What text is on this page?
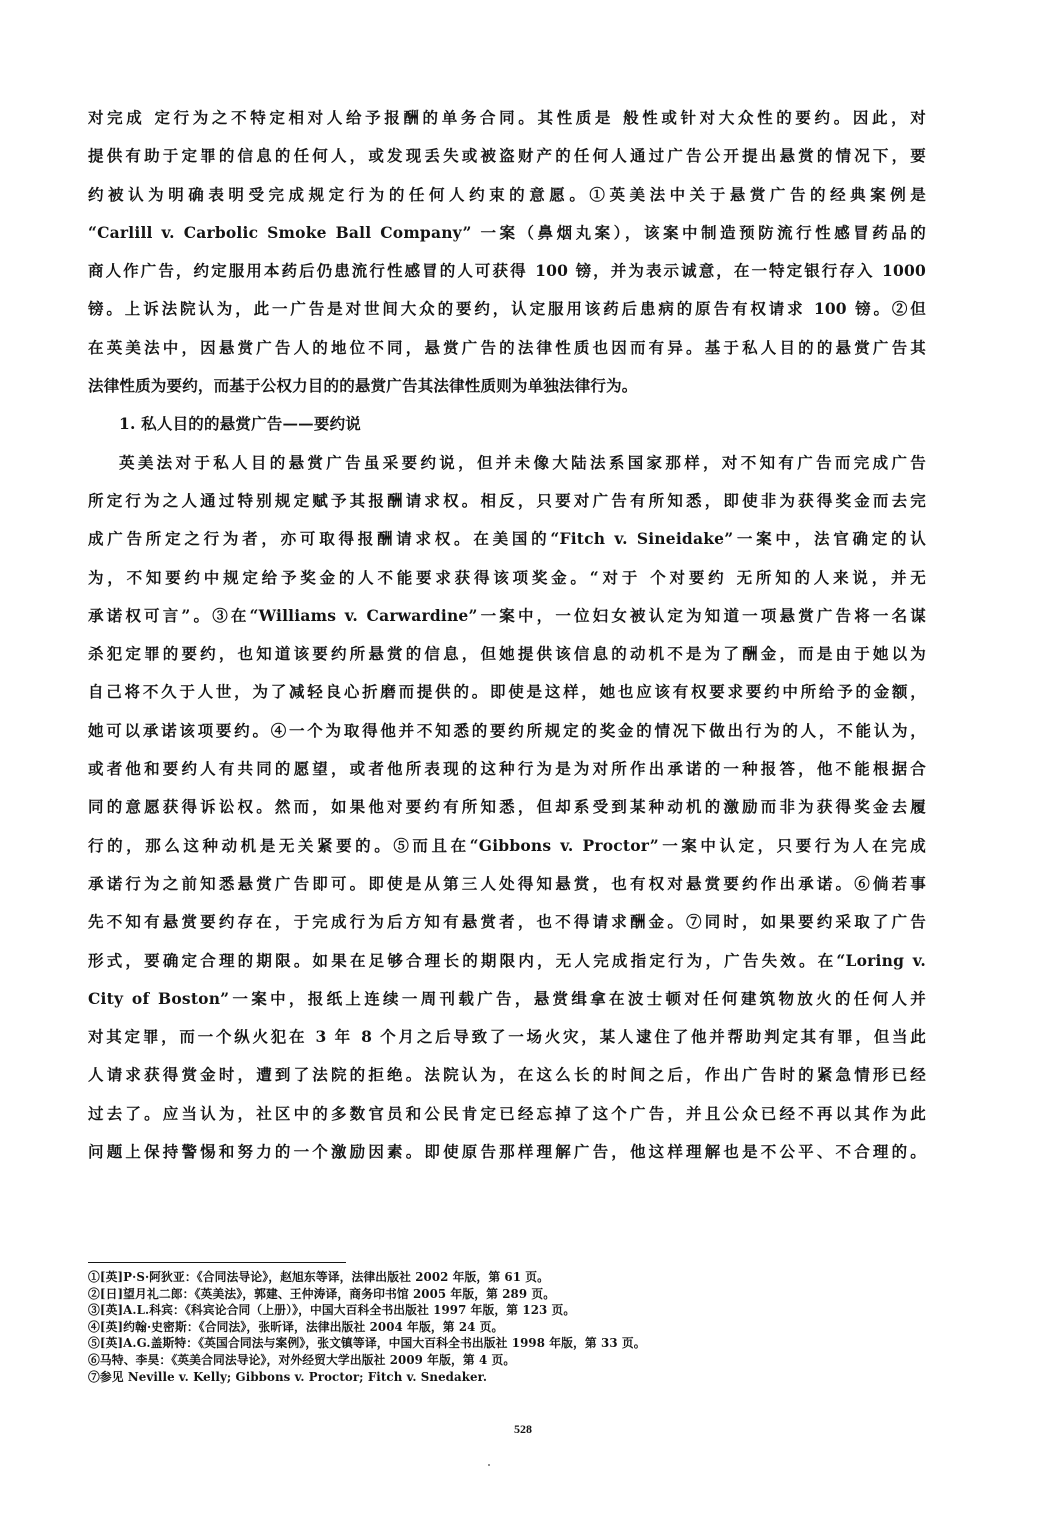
对完成 定行为之不特定相对人给予报酬的单务合同。其性质是 般性或针对大众性的要约。因此，对
提供有助于定罪的信息的任何人，或发现丢失或被盗财产的任何人通过广告公开提出悬赏的情况下，要
约被认为明确表明受完成规定行为的任何人约束的意愿。①英美法中关于悬赏广告的经典案例是
“Carlill v. Carbolic Smoke Ball Company” 一案（鼻烟丸案），该案中制造预防流行性感冒药品的
商人作广告，约定服用本药后仍患流行性感冒的人可获得 100 镑，并为表示诚意，在一特定银行存入 1000
镑。上诉法院认为，此一广告是对世间大众的要约，认定服用该药后患病的原告有权请求 100 镑。②但
在英美法中，因悬赏广告人的地位不同，悬赏广告的法律性质也因而有异。基于私人目的的悬赏广告其
法律性质为要约，而基于公权力目的的悬赏广告其法律性质则为单独法律行为。
1. 私人目的的悬赏广告——要约说
英美法对于私人目的悬赏广告虽采要约说，但并未像大陆法系国家那样，对不知有广告而完成广告
所定行为之人通过特别规定赋予其报酬请求权。相反，只要对广告有所知悉，即使非为获得奖金而去完
成广告所定之行为者，亦可取得报酬请求权。在美国的“Fitch v. Sineidake”一案中，法官确定的认
为，不知要约中规定给予奖金的人不能要求获得该项奖金。“对于 个对要约 无所知的人来说，并无
承诺权可言”。③在“Williams v. Carwardine”一案中，一位妇女被认定为知道一项悬赏广告将一名谋
杀犯定罪的要约，也知道该要约所悬赏的信息，但她提供该信息的动机不是为了酬金，而是由于她以为
自己将不久于人世，为了减轻良心折磨而提供的。即使是这样，她也应该有权要求要约中所给予的金额，
她可以承诺该项要约。④一个为取得他并不知悉的要约所规定的奖金的情况下做出行为的人，不能认为，
或者他和要约人有共同的愿望，或者他所表现的这种行为是为对所作出承诺的一种报答，他不能根据合
同的意愿获得诉讼权。然而，如果他对要约有所知悉，但却系受到某种动机的激励而非为获得奖金去履
行的，那么这种动机是无关紧要的。⑤而且在“Gibbons v. Proctor”一案中认定，只要行为人在完成
承诺行为之前知悉悬赏广告即可。即使是从第三人处得知悬赏，也有权对悬赏要约作出承诺。⑥倘若事
先不知有悬赏要约存在，于完成行为后方知有悬赏者，也不得请求酬金。⑦同时，如果要约采取了广告
形式，要确定合理的期限。如果在足够合理长的期限内，无人完成指定行为，广告失效。在“Loring v.
City of Boston”一案中，报纸上连续一周刊载广告，悬赏缉拿在波士顿对任何建筑物放火的任何人并
对其定罪，而一个纵火犯在 3 年 8 个月之后导致了一场火灾，某人逮住了他并帮助判定其有罪，但当此
人请求获得赏金时，遭到了法院的拒绝。法院认为，在这么长的时间之后，作出广告时的紧急情形已经
过去了。应当认为，社区中的多数官员和公民肯定已经忘掉了这个广告，并且公众已经不再以其作为此
问题上保持警惕和努力的一个激励因素。即使原告那样理解广告，他这样理解也是不公平、不合理的。
①[英]P·S·阿狄亚：《合同法导论》，赵旭东等译，法律出版社 2002 年版，第 61 页。
②[日]望月礼二郎：《英美法》，郭建、王仲涛译，商务印书馆 2005 年版，第 289 页。
③[英]A.L.科宾：《科宾论合同（上册）》，中国大百科全书出版社 1997 年版，第 123 页。
④[英]约翰·史密斯：《合同法》，张昕译，法律出版社 2004 年版，第 24 页。
⑤[英]A.G.盖斯特：《英国合同法与案例》，张文镇等译，中国大百科全书出版社 1998 年版，第 33 页。
⑥马特、李昊：《英美合同法导论》，对外经贸大学出版社 2009 年版，第 4 页。
⑦参见 Neville v. Kelly; Gibbons v. Proctor; Fitch v. Snedaker.
528
